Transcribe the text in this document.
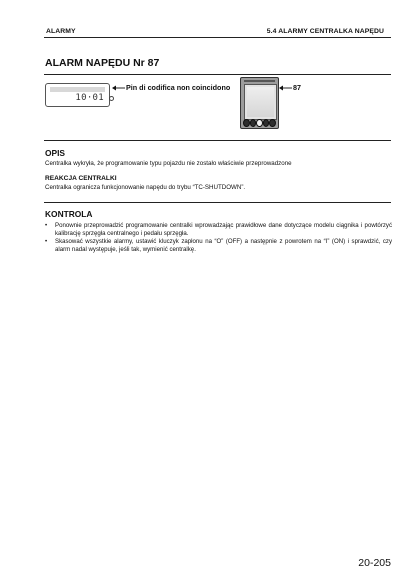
ALARMY	5.4 ALARMY CENTRALKA NAPĘDU
ALARM NAPĘDU Nr 87
10·01
Pin di codifica non coincidono	87
OPIS
Centralka wykryła, że programowanie typu pojazdu nie zostało właściwie przeprowadzone
REAKCJA CENTRALKI
Centralka ogranicza funkcjonowanie napędu do trybu “TC-SHUTDOWN”.
KONTROLA
• Ponownie przeprowadzić programowanie centralki wprowadzając prawidłowe dane dotyczące modelu ciągnika i powtórzyć kalibrację sprzęgła centralnego i pedału sprzęgła.
• Skasować wszystkie alarmy, ustawić kluczyk zapłonu na “O” (OFF) a następnie z powrotem na “I” (ON) i sprawdzić, czy alarm nadal występuje, jeśli tak, wymienić centralkę.
20-205
